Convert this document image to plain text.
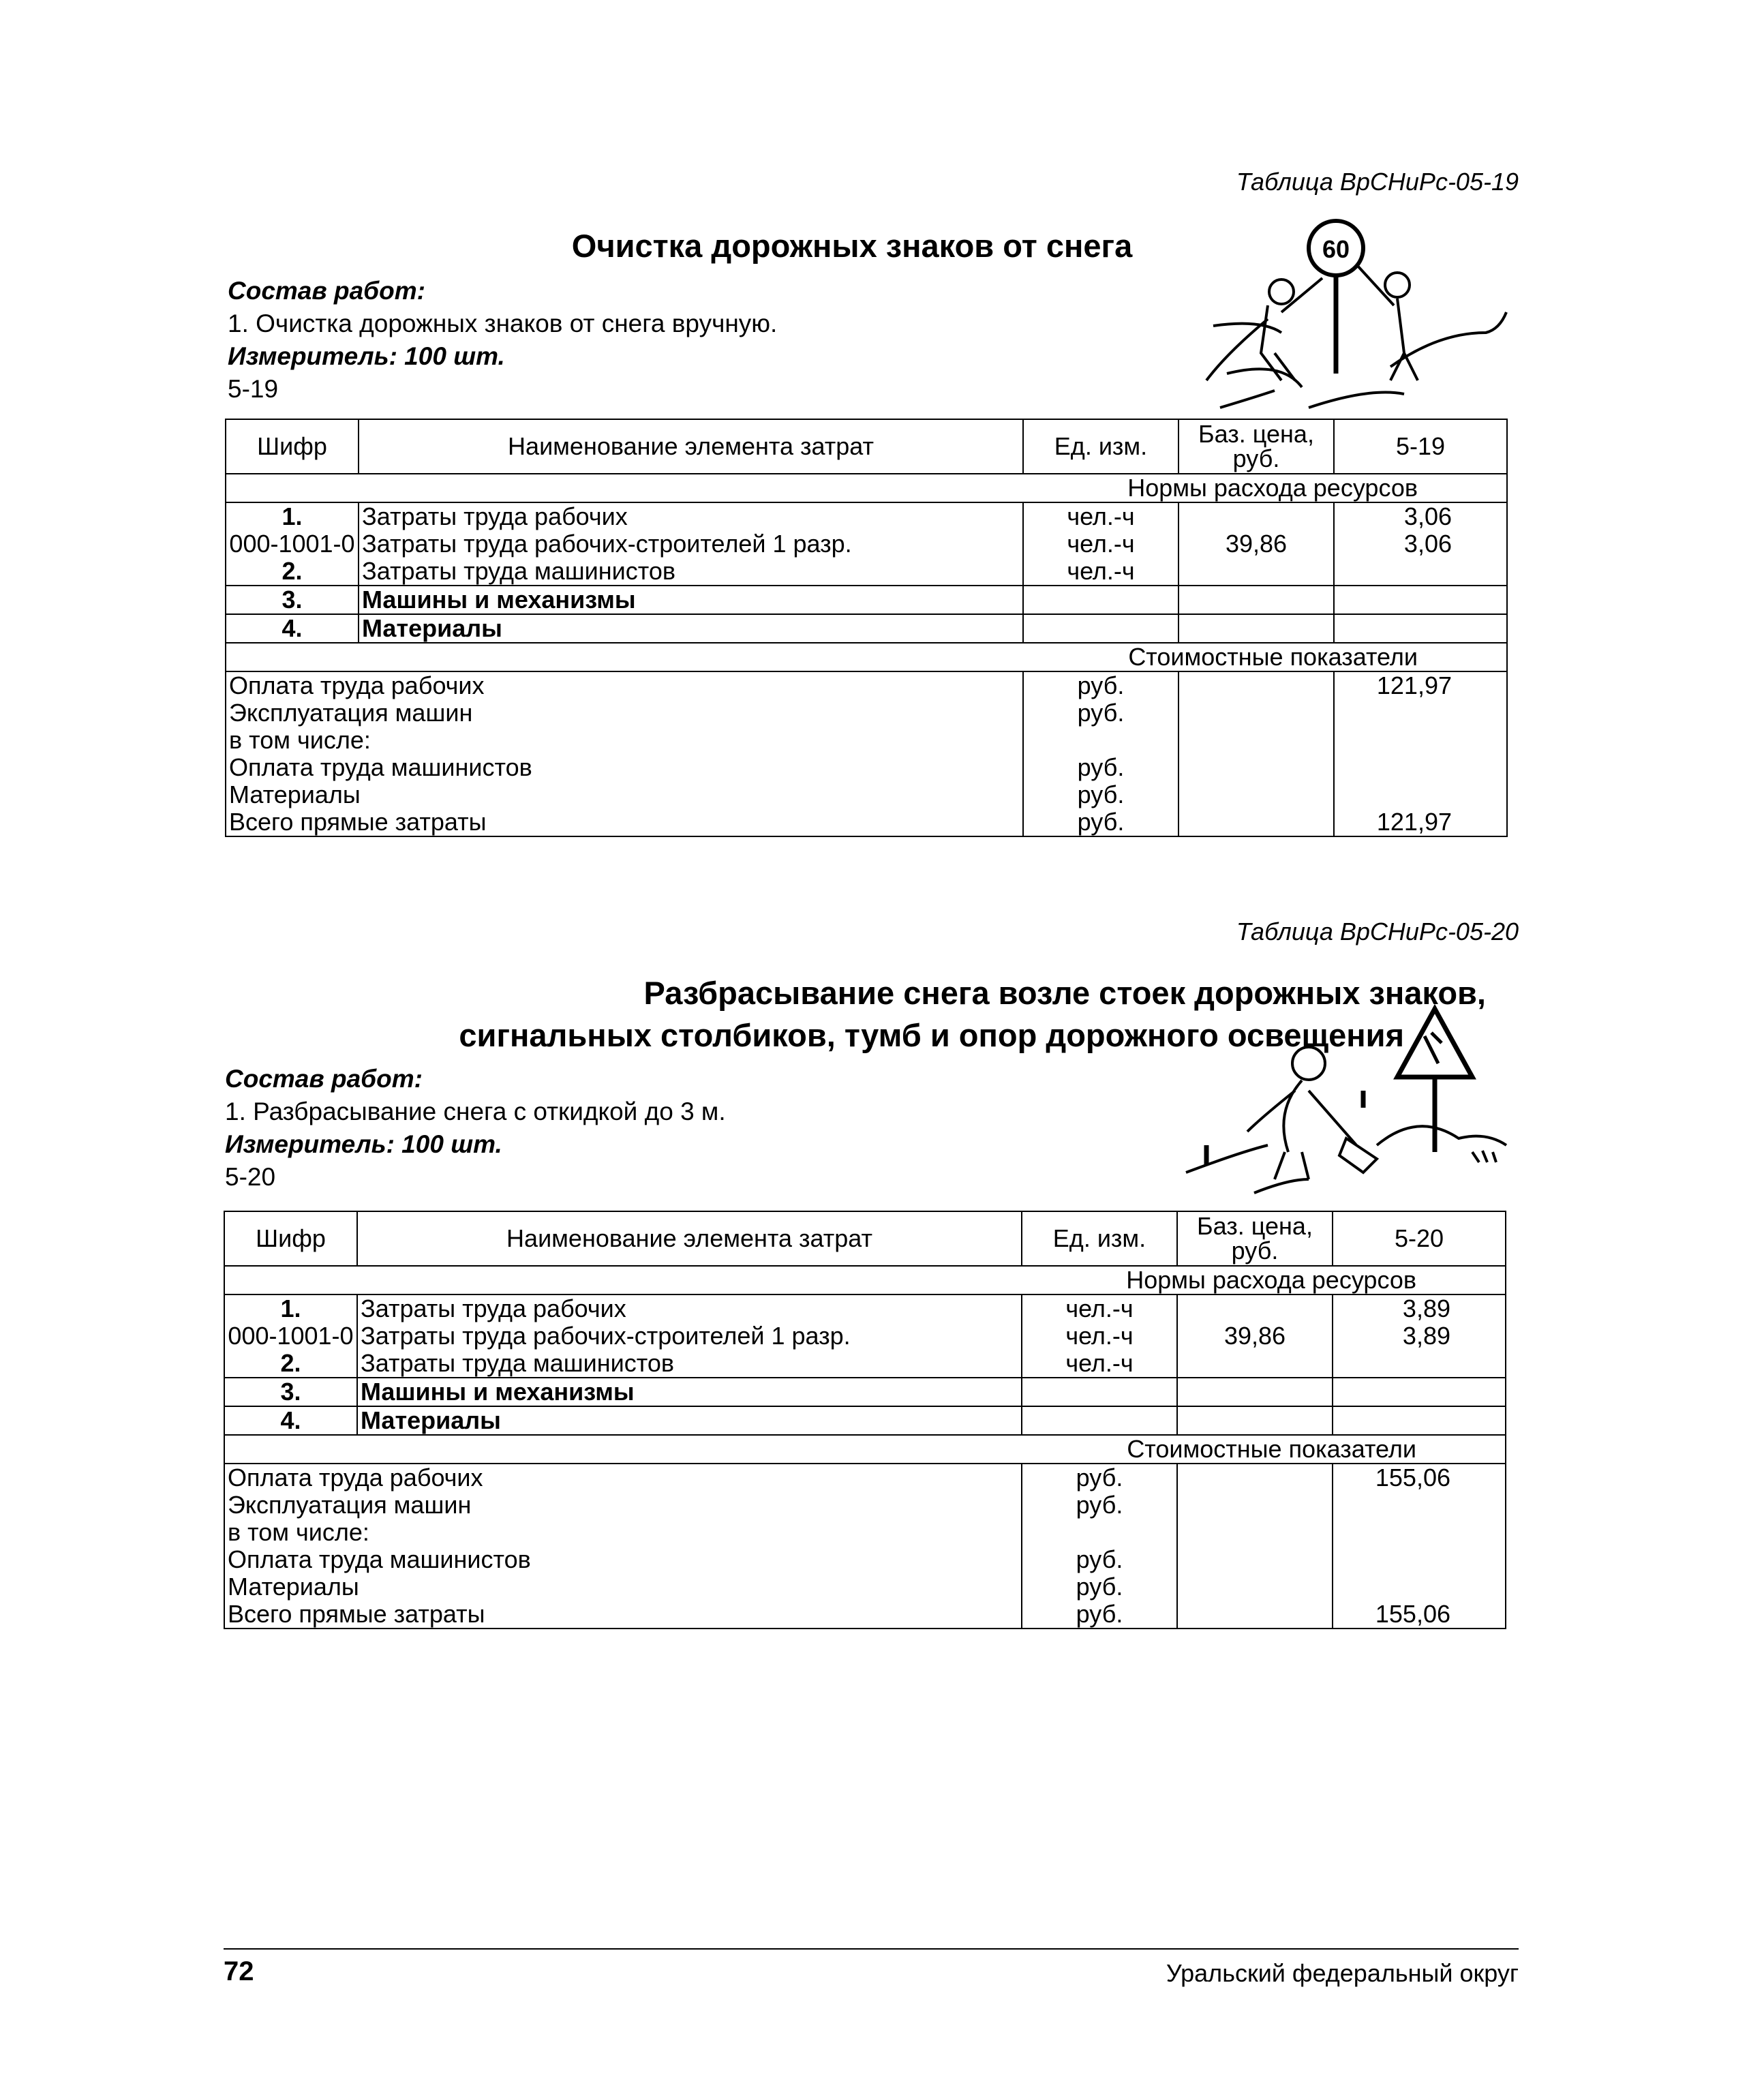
Таблица ВрСНиРс-05-19
Очистка дорожных знаков от снега
Состав работ:
1. Очистка дорожных знаков от снега вручную.
Измеритель: 100 шт.
5-19
60
Шифр	Наименование элемента затрат	Ед. изм.	Баз. цена, руб.	5-19
Нормы расхода ресурсов				
1.	Затраты труда рабочих	чел.-ч		3,06
000-1001-0	Затраты труда рабочих-строителей 1 разр.	чел.-ч	39,86	3,06
2.	Затраты труда машинистов	чел.-ч		
3.	Машины и механизмы			
4.	Материалы			
Стоимостные показатели				
Оплата труда рабочих		руб.		121,97
Эксплуатация машин		руб.		
в том числе:				
Оплата труда машинистов		руб.		
Материалы		руб.		
Всего прямые затраты		руб.		121,97
Таблица ВрСНиРс-05-20
Разбрасывание снега возле стоек дорожных знаков,
сигнальных столбиков, тумб и опор дорожного освещения
Состав работ:
1. Разбрасывание снега с откидкой до 3 м.
Измеритель: 100 шт.
5-20
Шифр	Наименование элемента затрат	Ед. изм.	Баз. цена, руб.	5-20
Нормы расхода ресурсов				
1.	Затраты труда рабочих	чел.-ч		3,89
000-1001-0	Затраты труда рабочих-строителей 1 разр.	чел.-ч	39,86	3,89
2.	Затраты труда машинистов	чел.-ч		
3.	Машины и механизмы			
4.	Материалы			
Стоимостные показатели				
Оплата труда рабочих		руб.		155,06
Эксплуатация машин		руб.		
в том числе:				
Оплата труда машинистов		руб.		
Материалы		руб.		
Всего прямые затраты		руб.		155,06
72	Уральский федеральный округ
